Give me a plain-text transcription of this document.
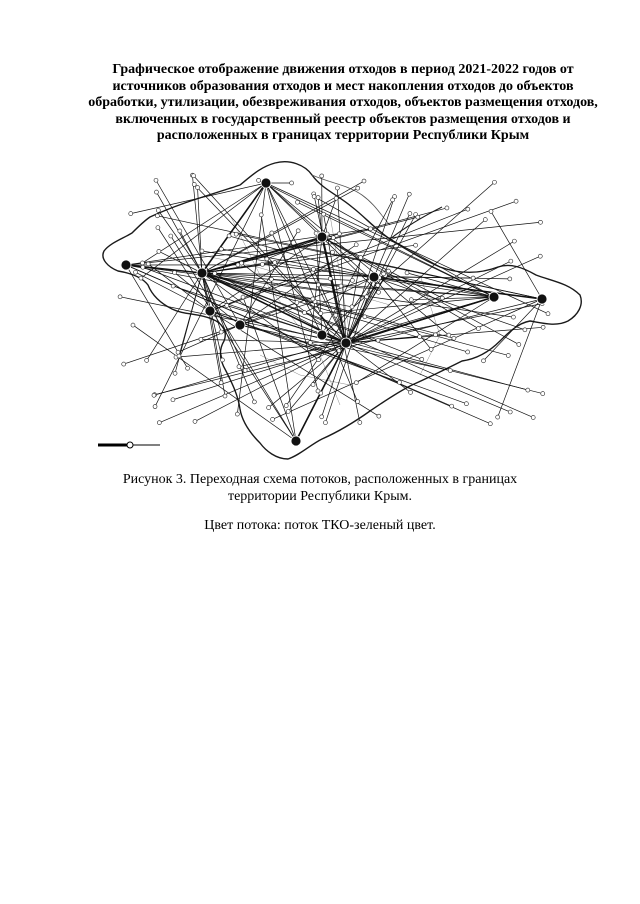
Графическое отображение движения отходов в период 2021-2022 годов от источников образования отходов и мест накопления отходов до объектов обработки, утилизации, обезвреживания отходов, объектов размещения отходов, включенных в государственный реестр объектов размещения отходов и расположенных в границах территории Республики Крым
Рисунок 3. Переходная схема потоков, расположенных в границах территории Республики Крым.
Цвет потока: поток ТКО-зеленый цвет.
